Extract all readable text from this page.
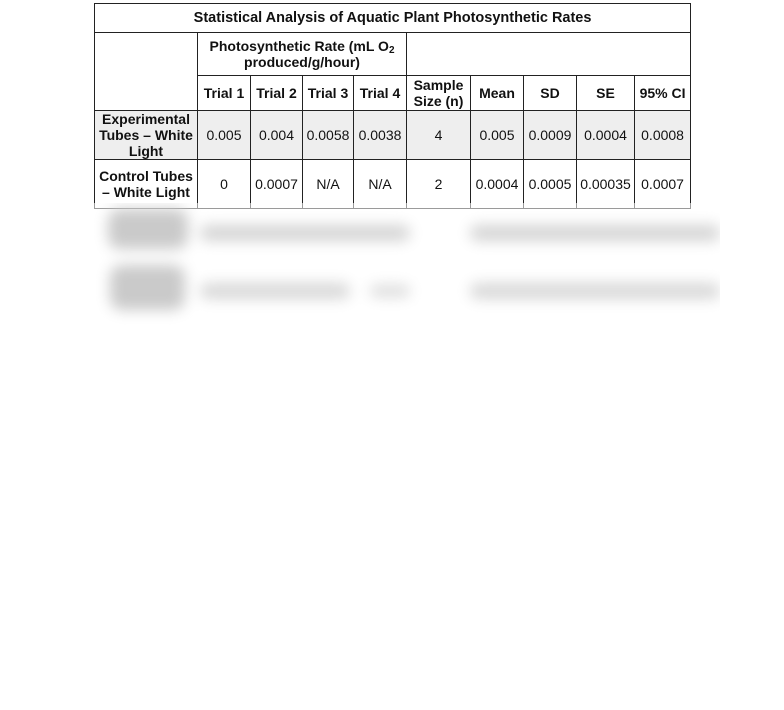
Statistical Analysis of Aquatic Plant Photosynthetic Rates									
	Photosynthetic Rate (mL $O_2$ produced/g/hour)								
	Trial 1	Trial 2	Trial 3	Trial 4	Sample Size (n)	Mean	SD	SE	95% CI
Experimental Tubes – White Light	0.005	0.004	0.0058	0.0038	4	0.005	0.0009	0.0004	0.0008
Control Tubes – White Light	0	0.0007	N/A	N/A	2	0.0004	0.0005	0.00035	0.0007
